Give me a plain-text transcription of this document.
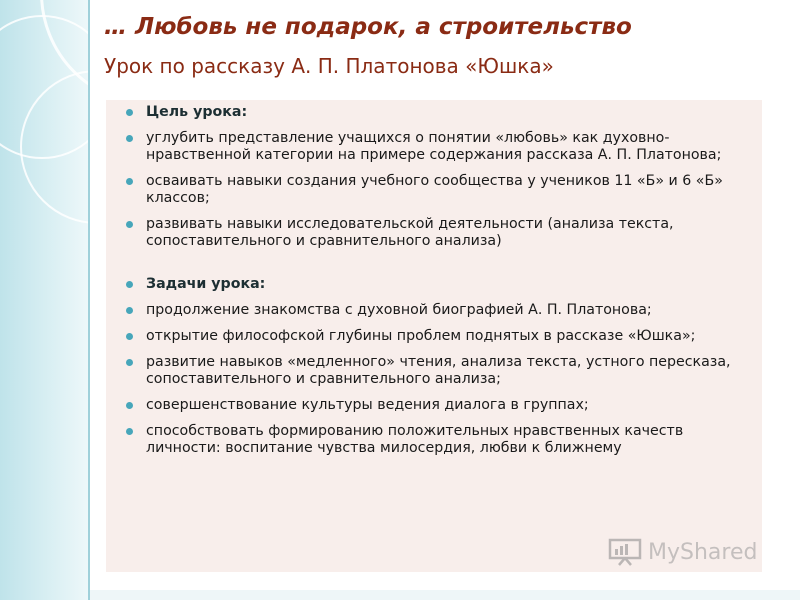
… Любовь не подарок, а строительство
Урок по рассказу А. П. Платонова «Юшка»
Цель урока:
углубить представление учащихся о понятии «любовь» как духовно-нравственной категории на примере содержания рассказа А. П. Платонова;
осваивать навыки создания учебного сообщества у учеников 11 «Б» и 6 «Б» классов;
развивать навыки исследовательской деятельности (анализа текста, сопоставительного и сравнительного анализа)
Задачи урока:
продолжение знакомства с духовной биографией А. П. Платонова;
открытие философской глубины проблем поднятых в рассказе «Юшка»;
развитие навыков «медленного» чтения, анализа текста, устного пересказа, сопоставительного и сравнительного анализа;
совершенствование культуры ведения диалога в группах;
способствовать формированию положительных нравственных качеств личности: воспитание чувства милосердия, любви к ближнему
MyShared
